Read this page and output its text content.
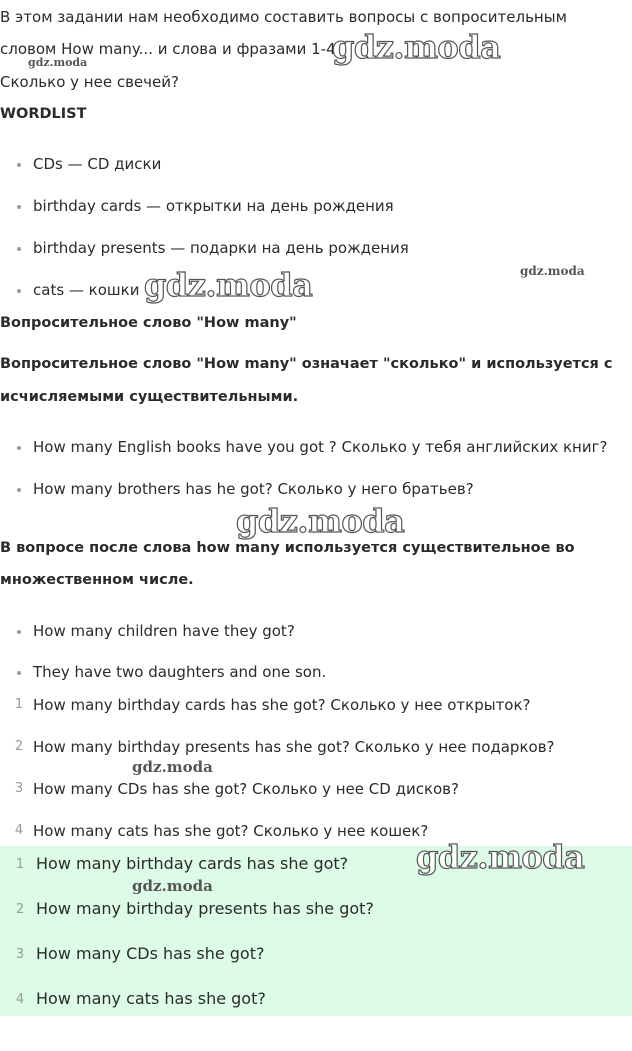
В этом задании нам необходимо составить вопросы с вопросительным
словом How many... и слова и фразами 1-4.
Сколько у нее свечей?
WORDLIST
CDs — CD диски
birthday cards — открытки на день рождения
birthday presents — подарки на день рождения
cats — кошки
Вопросительное слово "How many"
Вопросительное слово "How many" означает "сколько" и используется с
исчисляемыми существительными.
How many English books have you got ? Сколько у тебя английских книг?
How many brothers has he got? Сколько у него братьев?
В вопросе после слова how many используется существительное во
множественном числе.
How many children have they got?
They have two daughters and one son.
1 How many birthday cards has she got? Сколько у нее открыток?
2 How many birthday presents has she got? Сколько у нее подарков?
3 How many CDs has she got? Сколько у нее CD дисков?
4 How many cats has she got? Сколько у нее кошек?
1 How many birthday cards has she got?
2 How many birthday presents has she got?
3 How many CDs has she got?
4 How many cats has she got?
gdz.moda
gdz.moda
gdz.moda
gdz.moda
gdz.moda
gdz.moda
gdz.moda
gdz.moda
